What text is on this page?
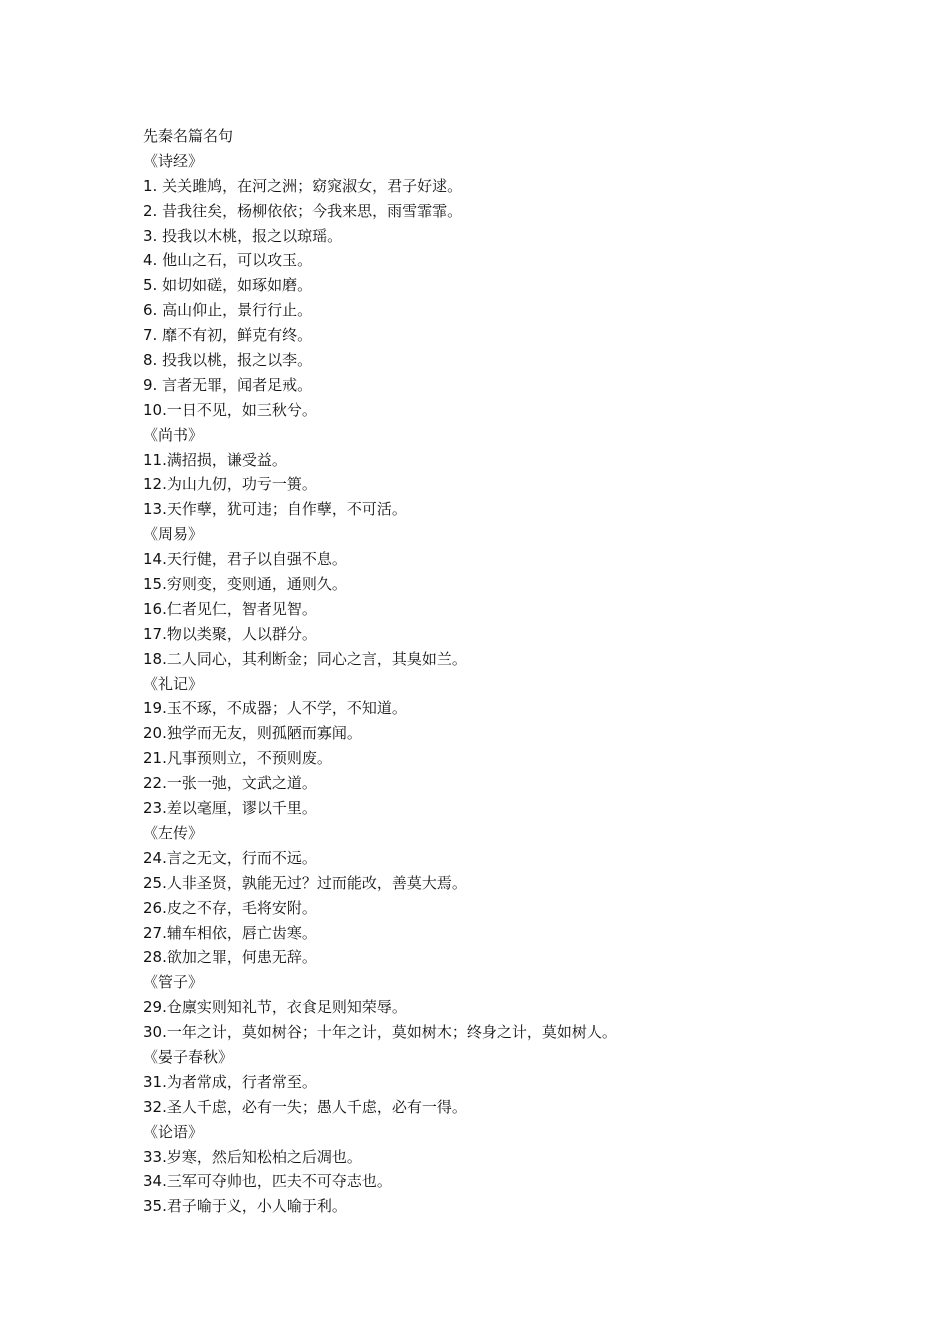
先秦名篇名句
《诗经》
1. 关关雎鸠，在河之洲；窈窕淑女，君子好逑。
2. 昔我往矣，杨柳依依；今我来思，雨雪霏霏。
3. 投我以木桃，报之以琼瑶。
4. 他山之石，可以攻玉。
5. 如切如磋，如琢如磨。
6. 高山仰止，景行行止。
7. 靡不有初，鲜克有终。
8. 投我以桃，报之以李。
9. 言者无罪，闻者足戒。
10.一日不见，如三秋兮。
《尚书》
11.满招损，谦受益。
12.为山九仞，功亏一篑。
13.天作孽，犹可违；自作孽，不可活。
《周易》
14.天行健，君子以自强不息。
15.穷则变，变则通，通则久。
16.仁者见仁，智者见智。
17.物以类聚，人以群分。
18.二人同心，其利断金；同心之言，其臭如兰。
《礼记》
19.玉不琢，不成器；人不学，不知道。
20.独学而无友，则孤陋而寡闻。
21.凡事预则立，不预则废。
22.一张一弛，文武之道。
23.差以毫厘，谬以千里。
《左传》
24.言之无文，行而不远。
25.人非圣贤，孰能无过？过而能改，善莫大焉。
26.皮之不存，毛将安附。
27.辅车相依，唇亡齿寒。
28.欲加之罪，何患无辞。
《管子》
29.仓廪实则知礼节，衣食足则知荣辱。
30.一年之计，莫如树谷；十年之计，莫如树木；终身之计，莫如树人。
《晏子春秋》
31.为者常成，行者常至。
32.圣人千虑，必有一失；愚人千虑，必有一得。
《论语》
33.岁寒，然后知松柏之后凋也。
34.三军可夺帅也，匹夫不可夺志也。
35.君子喻于义，小人喻于利。
